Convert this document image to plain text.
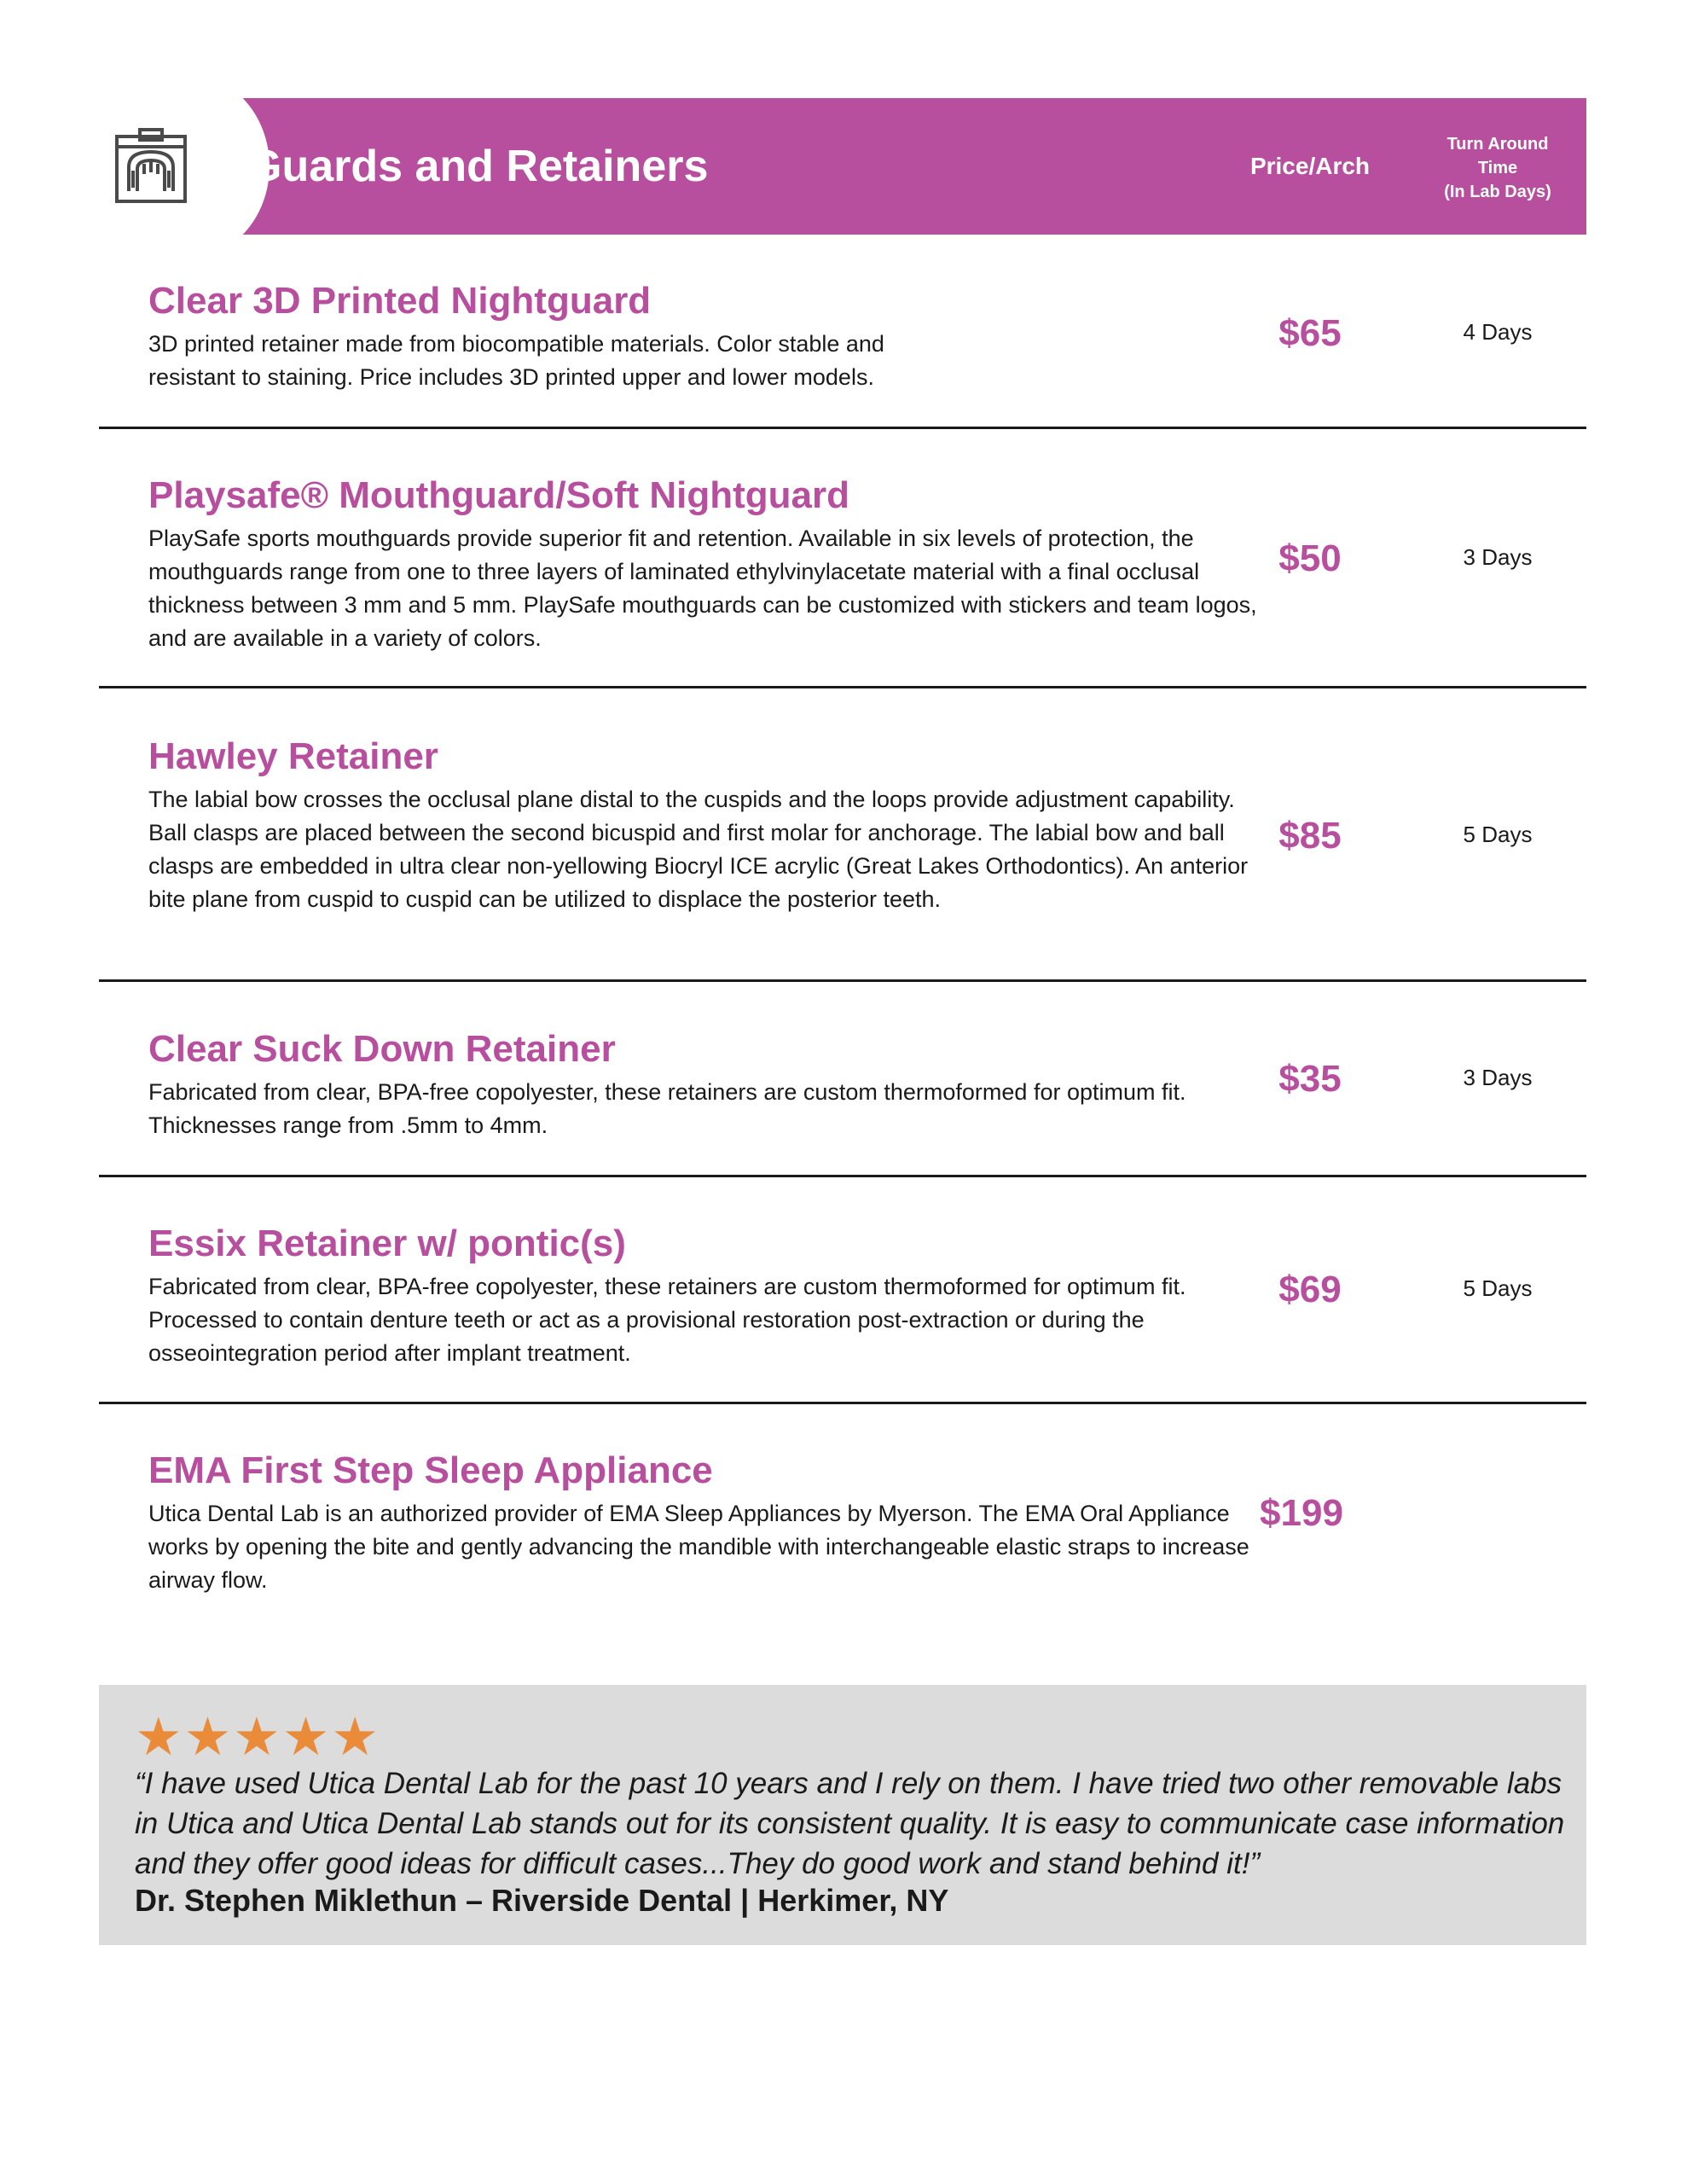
Guards and Retainers	Price/Arch
Turn Around
Time
(In Lab Days)
Clear 3D Printed Nightguard
3D printed retainer made from biocompatible materials. Color stable and resistant to staining. Price includes 3D printed upper and lower models.
$65	4 Days
Playsafe® Mouthguard/Soft Nightguard
PlaySafe sports mouthguards provide superior fit and retention. Available in six levels of protection, the mouthguards range from one to three layers of laminated ethylvinylacetate material with a final occlusal thickness between 3 mm and 5 mm. PlaySafe mouthguards can be customized with stickers and team logos, and are available in a variety of colors.
$50	3 Days
Hawley Retainer
The labial bow crosses the occlusal plane distal to the cuspids and the loops provide adjustment capability. Ball clasps are placed between the second bicuspid and first molar for anchorage. The labial bow and ball clasps are embedded in ultra clear non-yellowing Biocryl ICE acrylic (Great Lakes Orthodontics). An anterior bite plane from cuspid to cuspid can be utilized to displace the posterior teeth.
$85	5 Days
Clear Suck Down Retainer
Fabricated from clear, BPA-free copolyester, these retainers are custom thermoformed for optimum fit. Thicknesses range from .5mm to 4mm.
$35	3 Days
Essix Retainer w/ pontic(s)
Fabricated from clear, BPA-free copolyester, these retainers are custom thermoformed for optimum fit. Processed to contain denture teeth or act as a provisional restoration post-extraction or during the osseointegration period after implant treatment.
$69	5 Days
EMA First Step Sleep Appliance
Utica Dental Lab is an authorized provider of EMA Sleep Appliances by Myerson. The EMA Oral Appliance works by opening the bite and gently advancing the mandible with interchangeable elastic straps to increase airway flow.
$199
★★★★★
“I have used Utica Dental Lab for the past 10 years and I rely on them. I have tried two other removable labs in Utica and Utica Dental Lab stands out for its consistent quality. It is easy to communicate case information and they offer good ideas for difficult cases...They do good work and stand behind it!”
Dr. Stephen Miklethun – Riverside Dental | Herkimer, NY
